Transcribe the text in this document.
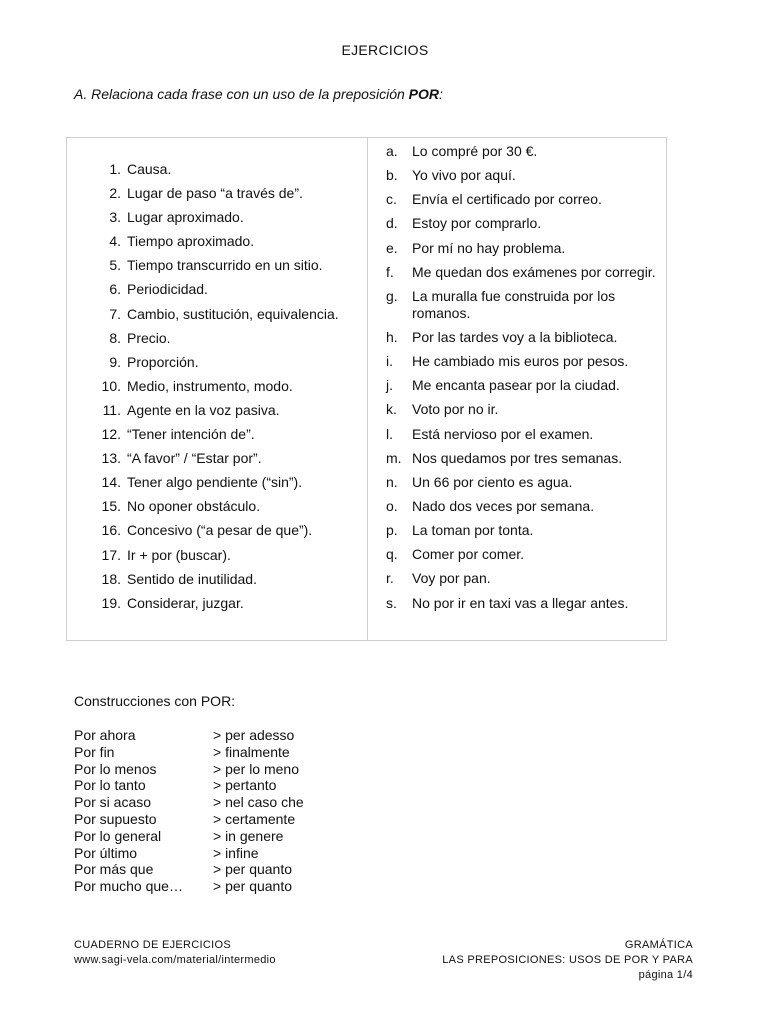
EJERCICIOS
A. Relaciona cada frase con un uso de la preposición POR:
1. Causa.
2. Lugar de paso “a través de”.
3. Lugar aproximado.
4. Tiempo aproximado.
5. Tiempo transcurrido en un sitio.
6. Periodicidad.
7. Cambio, sustitución, equivalencia.
8. Precio.
9. Proporción.
10. Medio, instrumento, modo.
11. Agente en la voz pasiva.
12. “Tener intención de”.
13. “A favor” / “Estar por”.
14. Tener algo pendiente (“sin”).
15. No oponer obstáculo.
16. Concesivo (“a pesar de que”).
17. Ir + por (buscar).
18. Sentido de inutilidad.
19. Considerar, juzgar.
a.	Lo compré por 30 €.
b.	Yo vivo por aquí.
c.	Envía el certificado por correo.
d.	Estoy por comprarlo.
e.	Por mí no hay problema.
f.	Me quedan dos exámenes por corregir.
g.	La muralla fue construida por los romanos.
h.	Por las tardes voy a la biblioteca.
i.	He cambiado mis euros por pesos.
j.	Me encanta pasear por la ciudad.
k.	Voto por no ir.
l.	Está nervioso por el examen.
m. Nos quedamos por tres semanas.
n.	Un 66 por ciento es agua.
o.	Nado dos veces por semana.
p.	La toman por tonta.
q.	Comer por comer.
r.	Voy por pan.
s.	No por ir en taxi vas a llegar antes.
Construcciones con POR:
Por ahora	> per adesso
Por fin	> finalmente
Por lo menos	> per lo meno
Por lo tanto	> pertanto
Por si acaso	> nel caso che
Por supuesto	> certamente
Por lo general	> in genere
Por último	> infine
Por más que	> per quanto
Por mucho que…	> per quanto
CUADERNO DE EJERCICIOS
www.sagi-vela.com/material/intermedio
GRAMÁTICA
LAS PREPOSICIONES: USOS DE POR Y PARA
página 1/4
